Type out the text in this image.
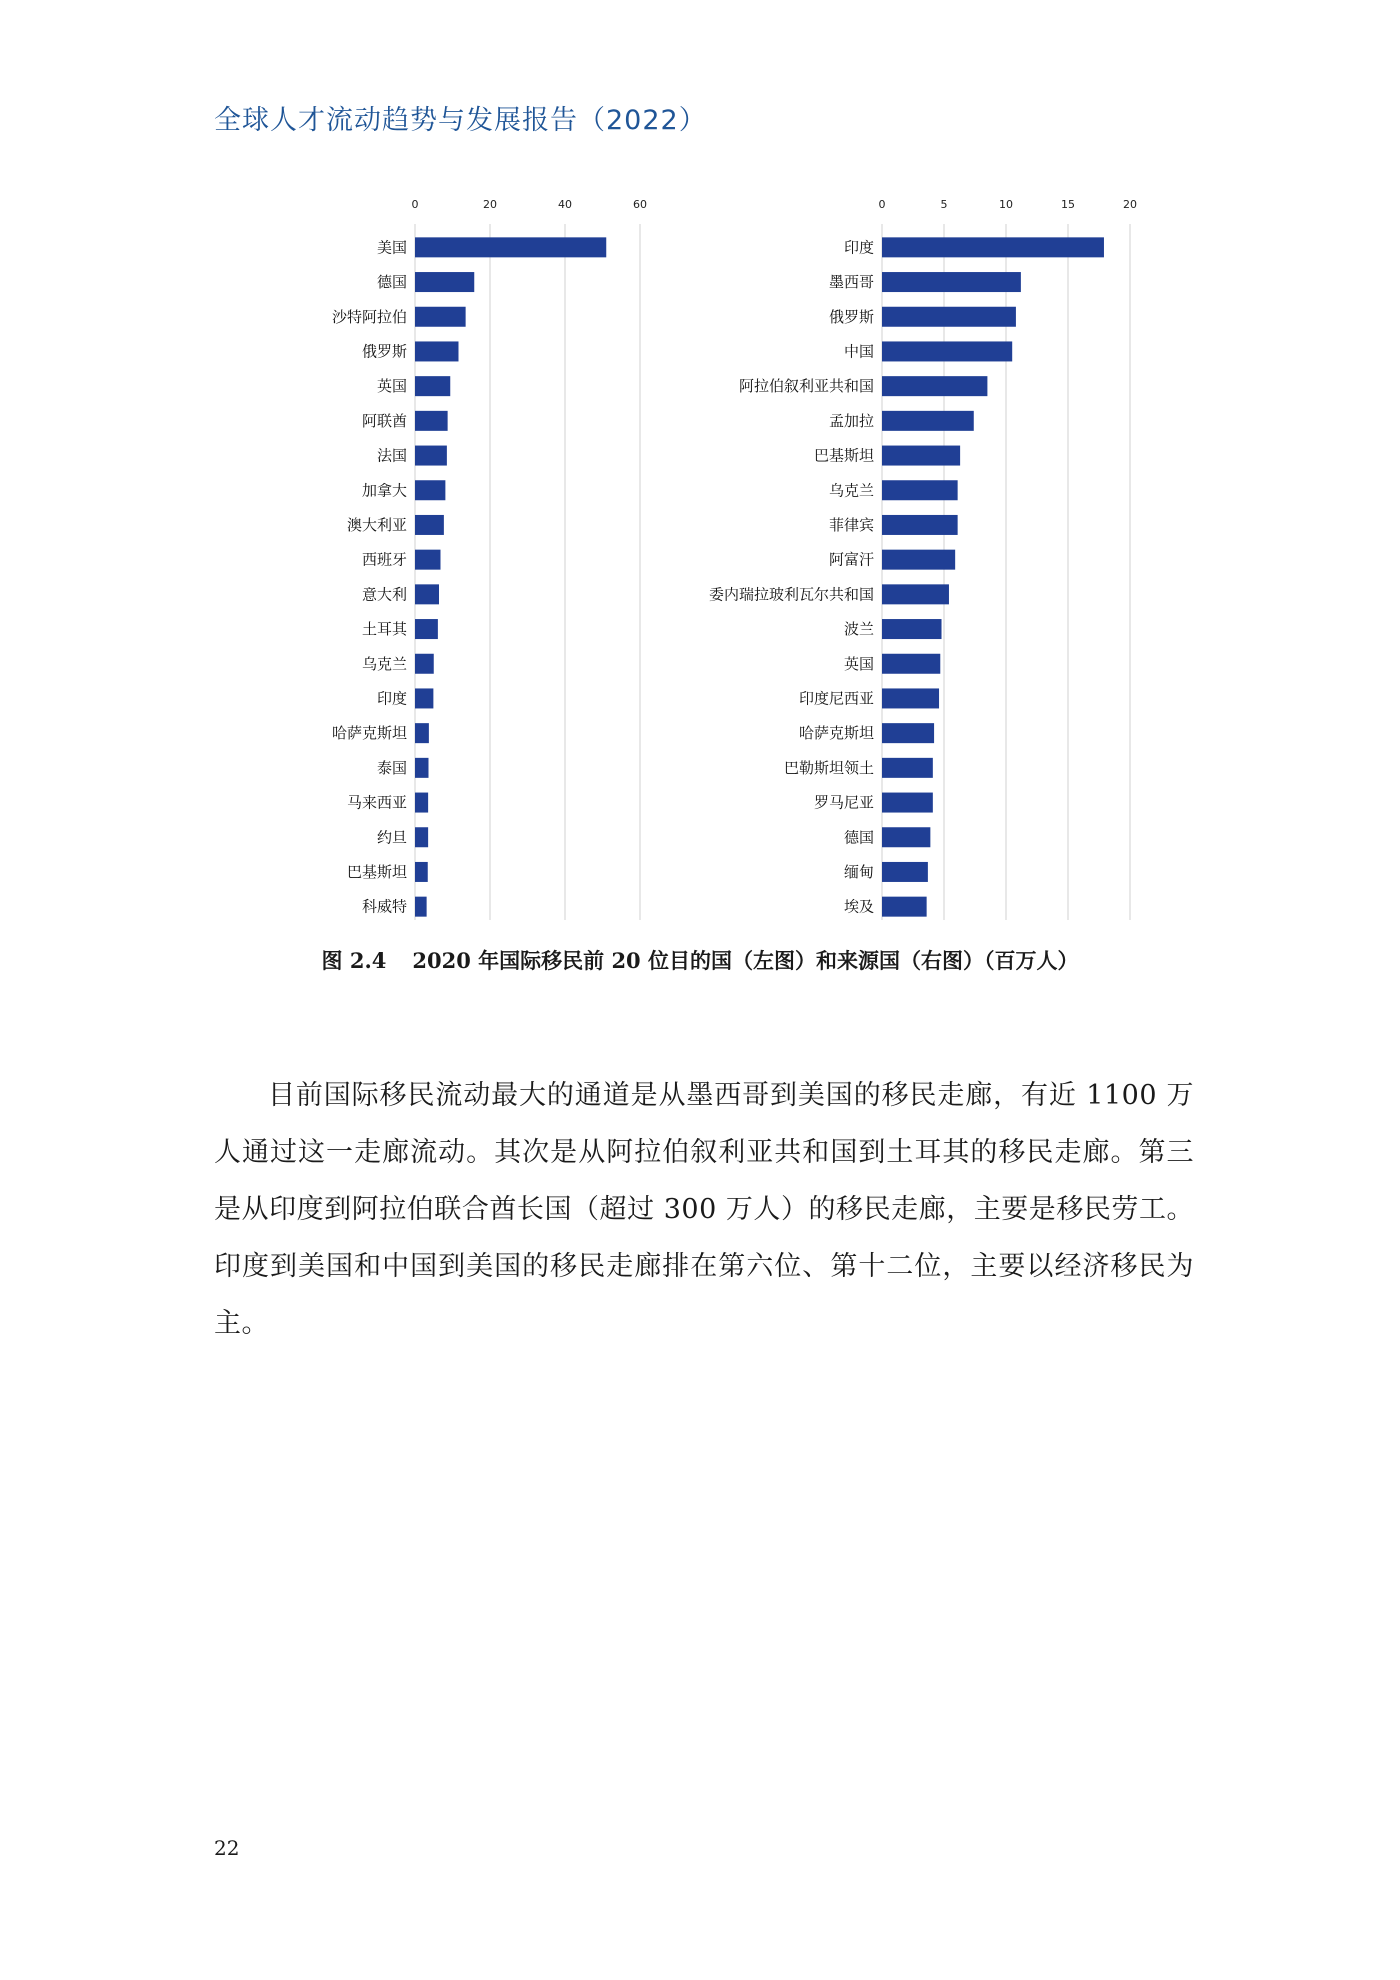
全球人才流动趋势与发展报告（2022）
0	20	40	60
美国
德国
沙特阿拉伯
俄罗斯
英国
阿联酋
法国
加拿大
澳大利亚
西班牙
意大利
土耳其
乌克兰
印度
哈萨克斯坦
泰国
马来西亚
约旦
巴基斯坦
科威特
0	5	10	15	20
印度
墨西哥
俄罗斯
中国
阿拉伯叙利亚共和国
孟加拉
巴基斯坦
乌克兰
菲律宾
阿富汗
委内瑞拉玻利瓦尔共和国
波兰
英国
印度尼西亚
哈萨克斯坦
巴勒斯坦领土
罗马尼亚
德国
缅甸
埃及
图 2.4 2020 年国际移民前 20 位目的国（左图）和来源国（右图）（百万人）

目前国际移民流动最大的通道是从墨西哥到美国的移民走廊，有近 1100 万人通过这一走廊流动。其次是从阿拉伯叙利亚共和国到土耳其的移民走廊。第三是从印度到阿拉伯联合酋长国（超过 300 万人）的移民走廊，主要是移民劳工。印度到美国和中国到美国的移民走廊排在第六位、第十二位，主要以经济移民为主。

22
